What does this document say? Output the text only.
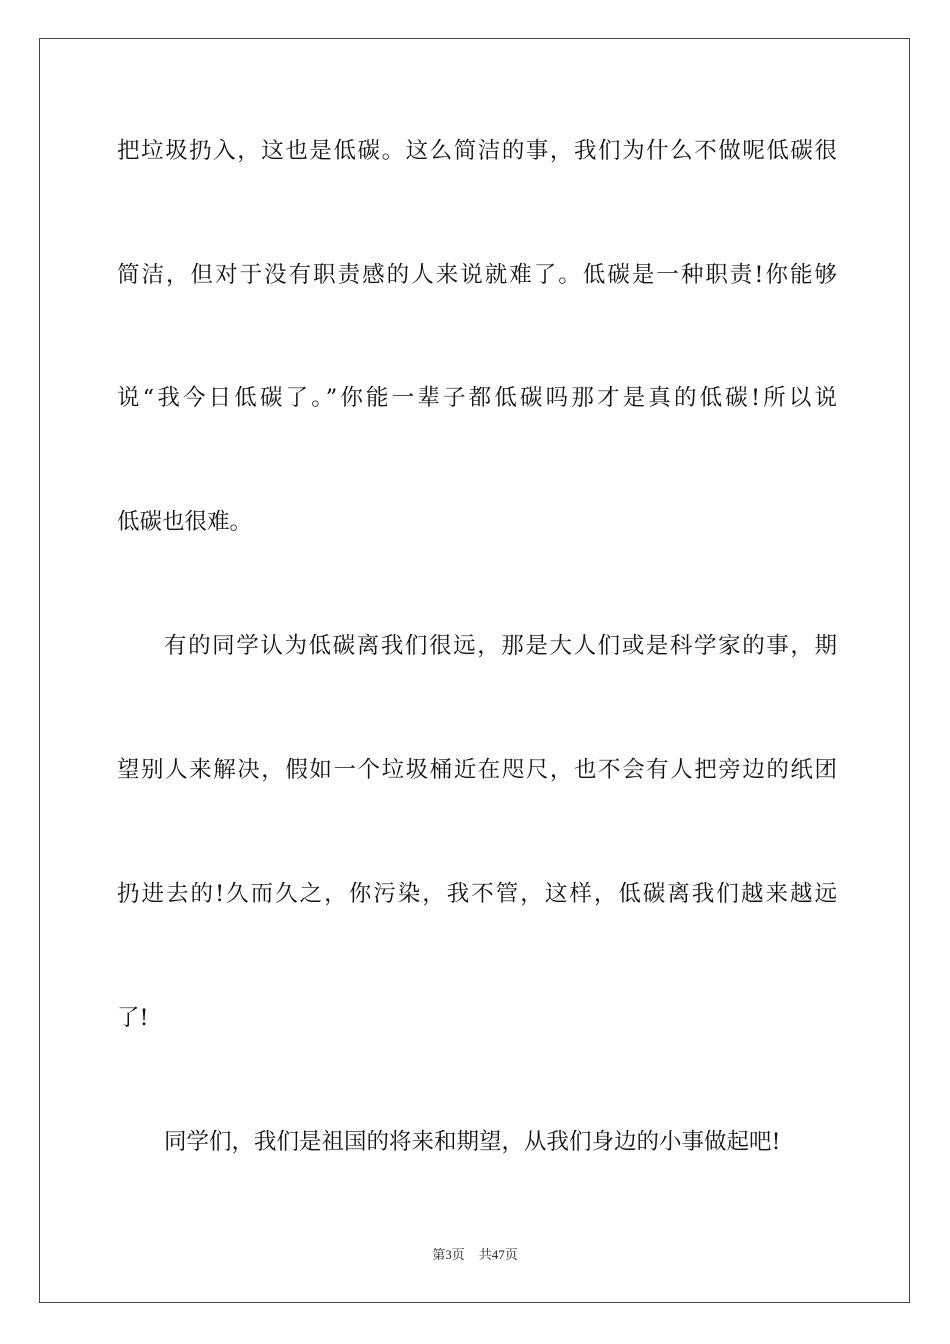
把垃圾扔入，这也是低碳。这么简洁的事，我们为什么不做呢低碳很
简洁，但对于没有职责感的人来说就难了。低碳是一种职责!你能够
说“我今日低碳了。”你能一辈子都低碳吗那才是真的低碳!所以说
低碳也很难。
有的同学认为低碳离我们很远，那是大人们或是科学家的事，期
望别人来解决，假如一个垃圾桶近在咫尺，也不会有人把旁边的纸团
扔进去的!久而久之，你污染，我不管，这样，低碳离我们越来越远
了!
同学们，我们是祖国的将来和期望，从我们身边的小事做起吧!
第3页 共47页
